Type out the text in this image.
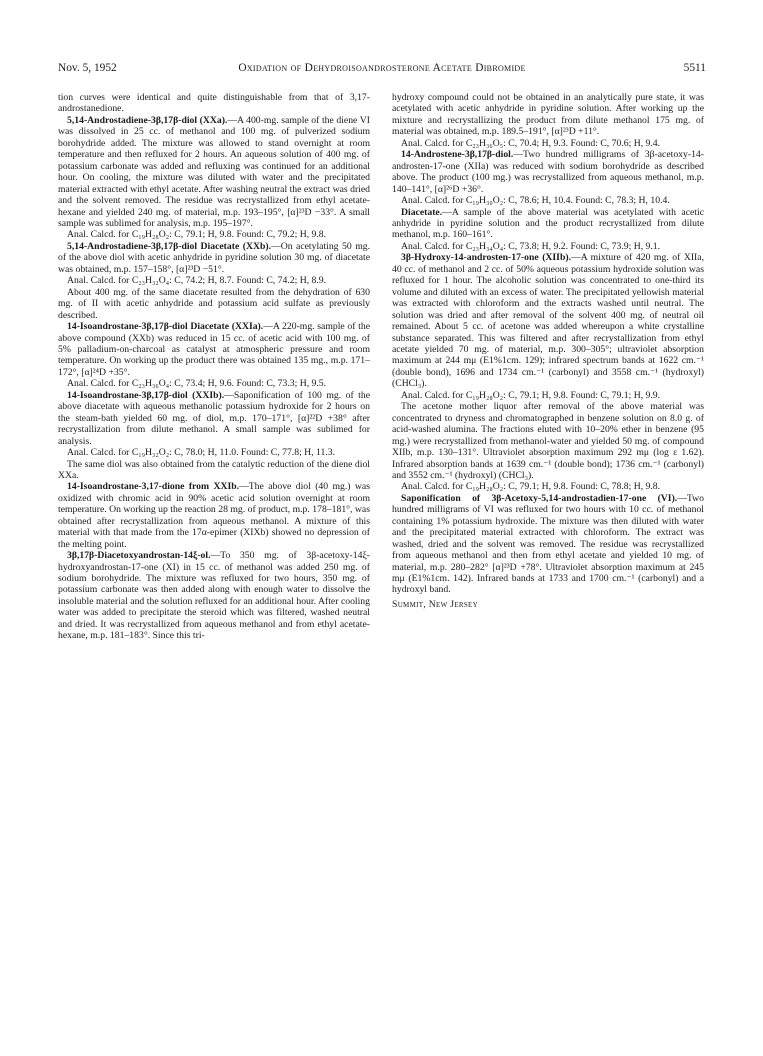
Nov. 5, 1952	Oxidation of Dehydroisoandrosterone Acetate Dibromide	5511

tion curves were identical and quite distinguishable from that of 3,17-androstanedione.

5,14-Androstadiene-3β,17β-diol (XXa).—A 400-mg. sample of the diene VI was dissolved in 25 cc. of methanol and 100 mg. of pulverized sodium borohydride added. The mixture was allowed to stand overnight at room temperature and then refluxed for 2 hours. An aqueous solution of 400 mg. of potassium carbonate was added and refluxing was continued for an additional hour. On cooling, the mixture was diluted with water and the precipitated material extracted with ethyl acetate. After washing neutral the extract was dried and the solvent removed. The residue was recrystallized from ethyl acetate-hexane and yielded 240 mg. of material, m.p. 193–195°, [α]²³D −33°. A small sample was sublimed for analysis, m.p. 195–197°.

Anal. Calcd. for C₁₉H₂₈O₂: C, 79.1; H, 9.8. Found: C, 79.2; H, 9.8.

5,14-Androstadiene-3β,17β-diol Diacetate (XXb).—On acetylating 50 mg. of the above diol with acetic anhydride in pyridine solution 30 mg. of diacetate was obtained, m.p. 157–158°, [α]²³D −51°.

Anal. Calcd. for C₂₃H₃₂O₄: C, 74.2; H, 8.7. Found: C, 74.2; H, 8.9.

About 400 mg. of the same diacetate resulted from the dehydration of 630 mg. of II with acetic anhydride and potassium acid sulfate as previously described.

14-Isoandrostane-3β,17β-diol Diacetate (XXIa).—A 220-mg. sample of the above compound (XXb) was reduced in 15 cc. of acetic acid with 100 mg. of 5% palladium-on-charcoal as catalyst at atmospheric pressure and room temperature. On working up the product there was obtained 135 mg., m.p. 171–172°, [α]²⁴D +35°.

Anal. Calcd. for C₂₃H₃₆O₄: C, 73.4; H, 9.6. Found: C, 73.3; H, 9.5.

14-Isoandrostane-3β,17β-diol (XXIb).—Saponification of 100 mg. of the above diacetate with aqueous methanolic potassium hydroxide for 2 hours on the steam-bath yielded 60 mg. of diol, m.p. 170–171°, [α]²²D +38° after recrystallization from dilute methanol. A small sample was sublimed for analysis.

Anal. Calcd. for C₁₉H₃₂O₂: C, 78.0; H, 11.0. Found: C, 77.8; H, 11.3.

The same diol was also obtained from the catalytic reduction of the diene diol XXa.

14-Isoandrostane-3,17-dione from XXIb.—The above diol (40 mg.) was oxidized with chromic acid in 90% acetic acid solution overnight at room temperature. On working up the reaction 28 mg. of product, m.p. 178–181°, was obtained after recrystallization from aqueous methanol. A mixture of this material with that made from the 17α-epimer (XIXb) showed no depression of the melting point.

3β,17β-Diacetoxyandrostan-14ξ-ol.—To 350 mg. of 3β-acetoxy-14ξ-hydroxyandrostan-17-one (XI) in 15 cc. of methanol was added 250 mg. of sodium borohydride. The mixture was refluxed for two hours, 350 mg. of potassium carbonate was then added along with enough water to dissolve the insoluble material and the solution refluxed for an additional hour. After cooling water was added to precipitate the steroid which was filtered, washed neutral and dried. It was recrystallized from aqueous methanol and from ethyl acetate-hexane, m.p. 181–183°. Since this tri-

hydroxy compound could not be obtained in an analytically pure state, it was acetylated with acetic anhydride in pyridine solution. After working up the mixture and recrystallizing the product from dilute methanol 175 mg. of material was obtained, m.p. 189.5–191°, [α]²³D +11°.

Anal. Calcd. for C₂₃H₃₆O₅: C, 70.4; H, 9.3. Found: C, 70.6; H, 9.4.

14-Androstene-3β,17β-diol.—Two hundred milligrams of 3β-acetoxy-14-androsten-17-one (XIIa) was reduced with sodium borohydride as described above. The product (100 mg.) was recrystallized from aqueous methanol, m.p. 140–141°, [α]²⁶D +36°.

Anal. Calcd. for C₁₉H₃₀O₂: C, 78.6; H, 10.4. Found: C, 78.3; H, 10.4.

Diacetate.—A sample of the above material was acetylated with acetic anhydride in pyridine solution and the product recrystallized from dilute methanol, m.p. 160–161°.

Anal. Calcd. for C₂₃H₃₄O₄: C, 73.8; H, 9.2. Found: C, 73.9; H, 9.1.

3β-Hydroxy-14-androsten-17-one (XIIb).—A mixture of 420 mg. of XIIa, 40 cc. of methanol and 2 cc. of 50% aqueous potassium hydroxide solution was refluxed for 1 hour. The alcoholic solution was concentrated to one-third its volume and diluted with an excess of water. The precipitated yellowish material was extracted with chloroform and the extracts washed until neutral. The solution was dried and after removal of the solvent 400 mg. of neutral oil remained. About 5 cc. of acetone was added whereupon a white crystalline substance separated. This was filtered and after recrystallization from ethyl acetate yielded 70 mg. of material, m.p. 300–305°; ultraviolet absorption maximum at 244 mμ (E1%1cm. 129); infrared spectrum bands at 1622 cm.⁻¹ (double bond), 1696 and 1734 cm.⁻¹ (carbonyl) and 3558 cm.⁻¹ (hydroxyl) (CHCl₃).

Anal. Calcd. for C₁₉H₂₈O₂: C, 79.1; H, 9.8. Found: C, 79.1; H, 9.9.

The acetone mother liquor after removal of the above material was concentrated to dryness and chromatographed in benzene solution on 8.0 g. of acid-washed alumina. The fractions eluted with 10–20% ether in benzene (95 mg.) were recrystallized from methanol-water and yielded 50 mg. of compound XIIb, m.p. 130–131°. Ultraviolet absorption maximum 292 mμ (log ε 1.62). Infrared absorption bands at 1639 cm.⁻¹ (double bond); 1736 cm.⁻¹ (carbonyl) and 3552 cm.⁻¹ (hydroxyl) (CHCl₃).

Anal. Calcd. for C₁₉H₂₈O₂: C, 79.1; H, 9.8. Found: C, 78.8; H, 9.8.

Saponification of 3β-Acetoxy-5,14-androstadien-17-one (VI).—Two hundred milligrams of VI was refluxed for two hours with 10 cc. of methanol containing 1% potassium hydroxide. The mixture was then diluted with water and the precipitated material extracted with chloroform. The extract was washed, dried and the solvent was removed. The residue was recrystallized from aqueous methanol and then from ethyl acetate and yielded 10 mg. of material, m.p. 280–282° [α]²³D +78°. Ultraviolet absorption maximum at 245 mμ (E1%1cm. 142). Infrared bands at 1733 and 1700 cm.⁻¹ (carbonyl) and a hydroxyl band.

Summit, New Jersey
